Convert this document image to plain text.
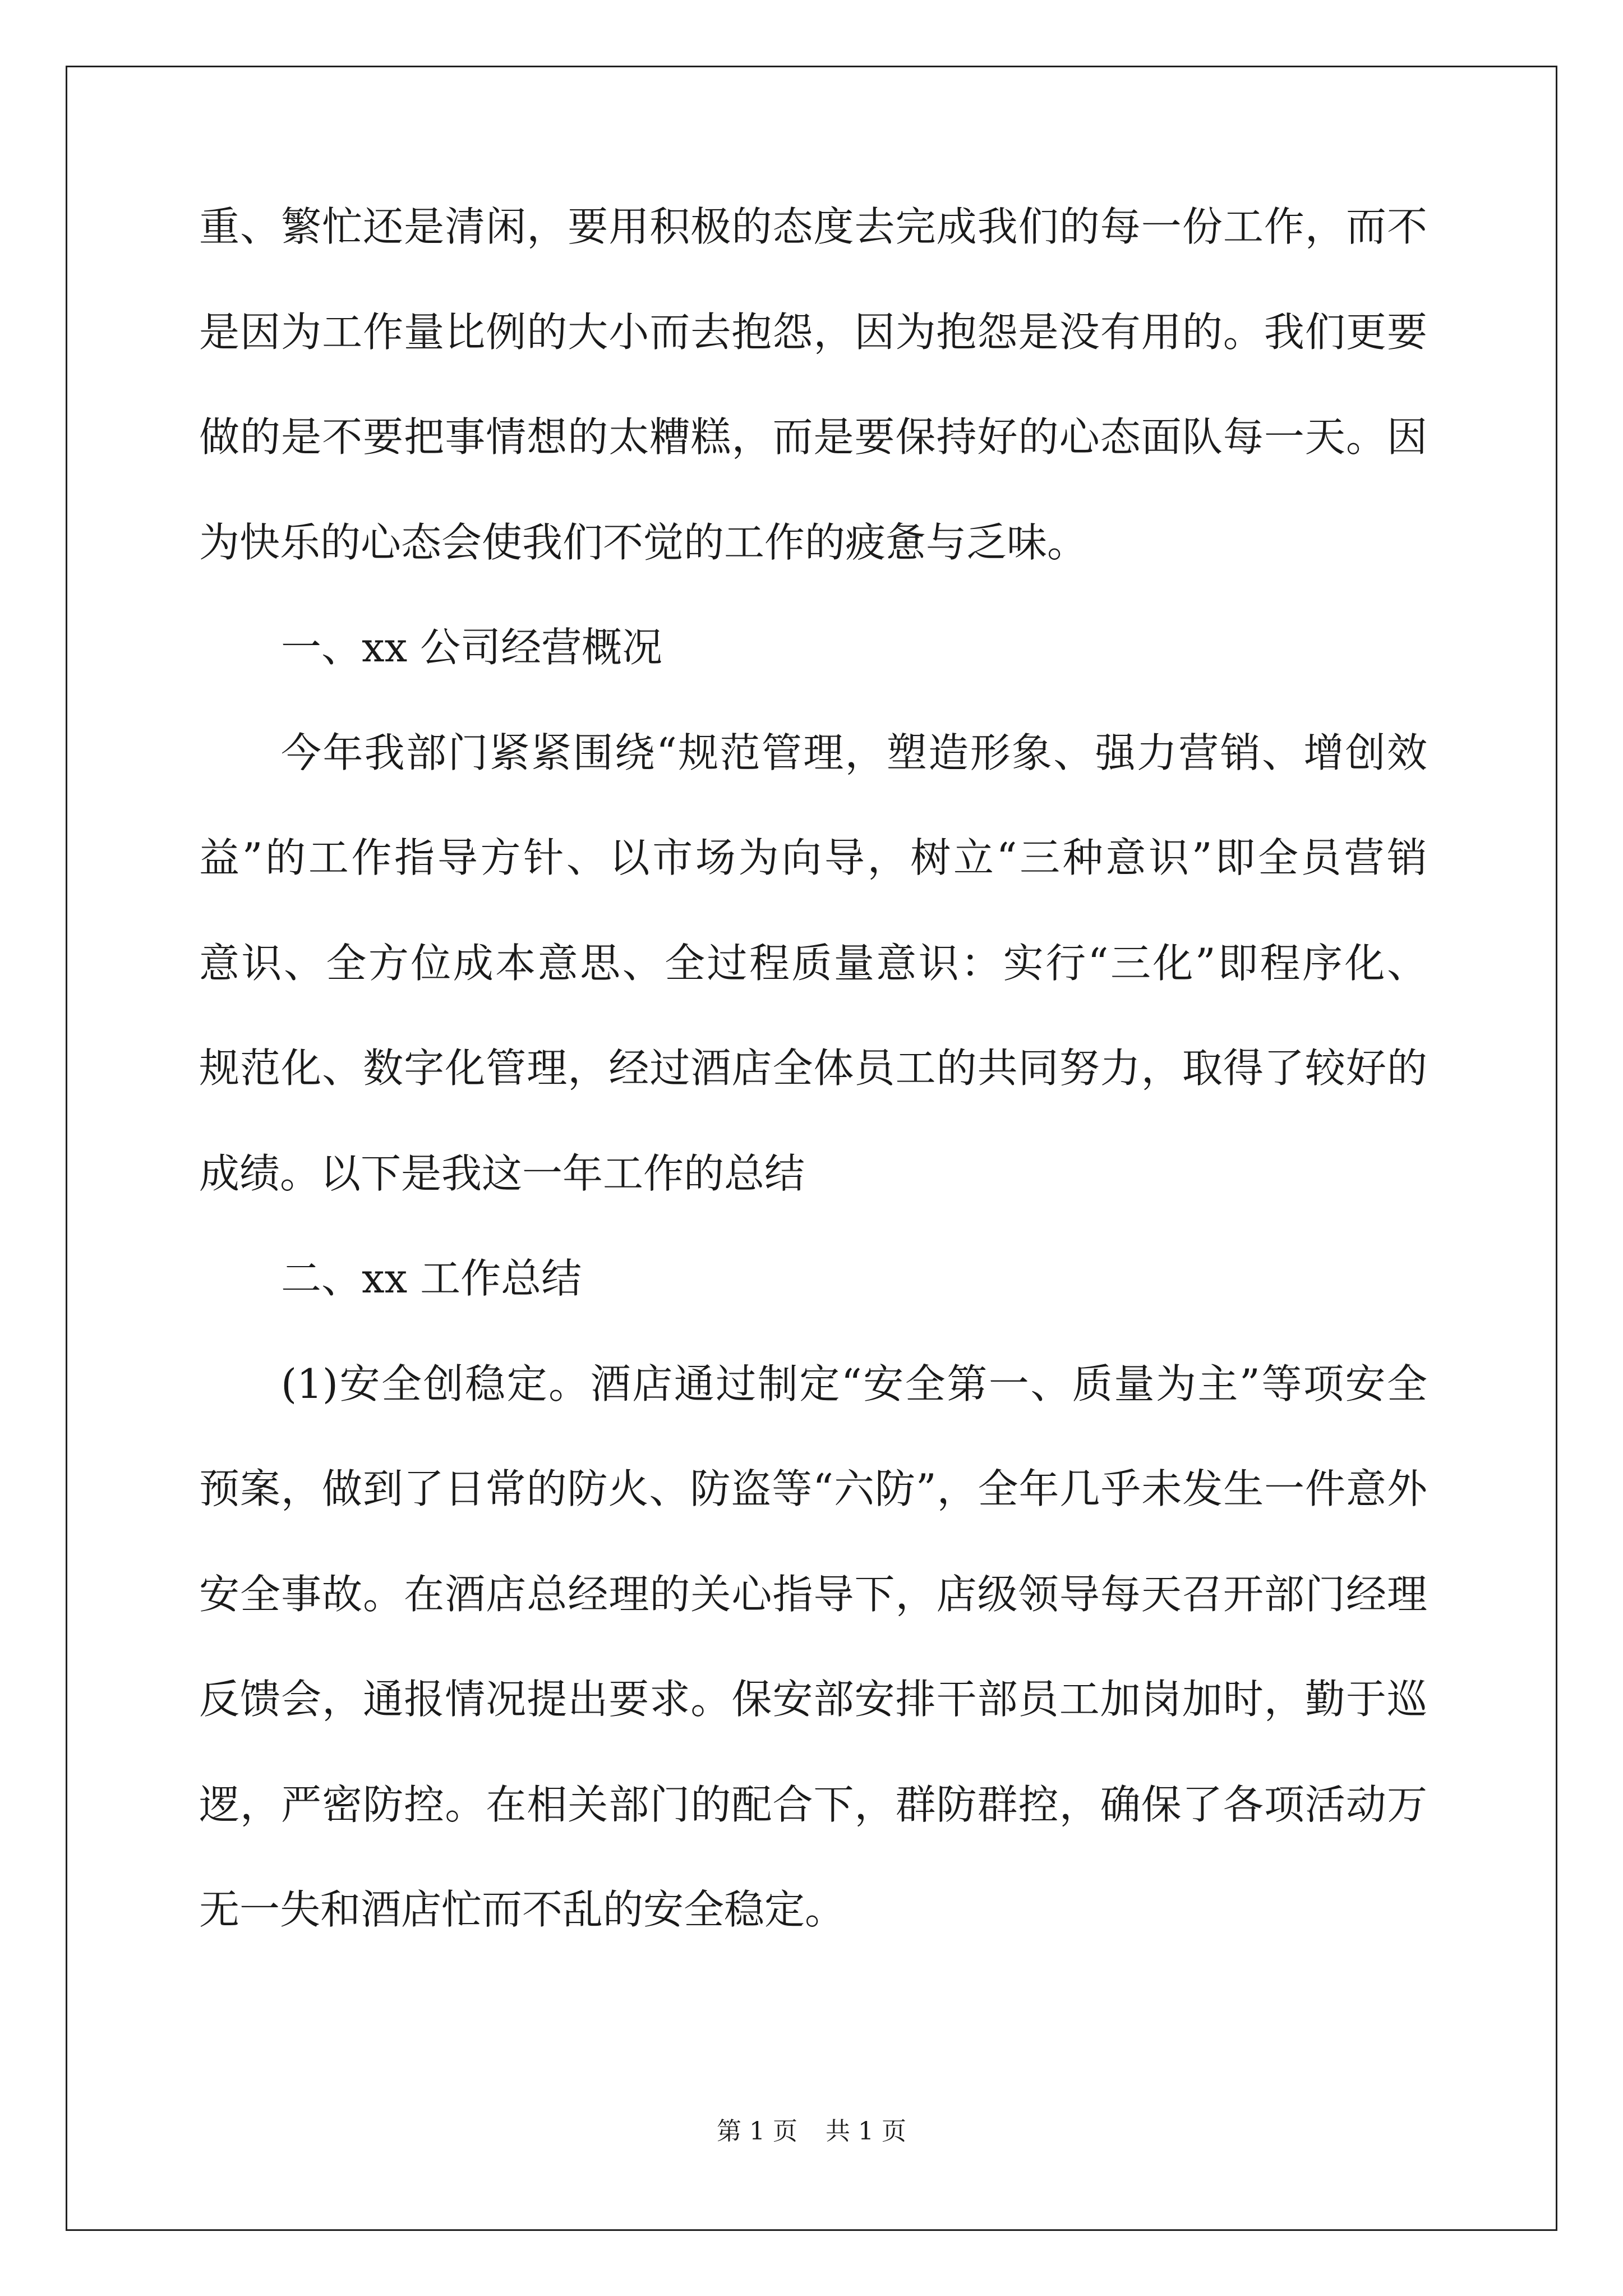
重、繁忙还是清闲，要用积极的态度去完成我们的每一份工作，而不
是因为工作量比例的大小而去抱怨，因为抱怨是没有用的。我们更要
做的是不要把事情想的太糟糕，而是要保持好的心态面队每一天。因
为快乐的心态会使我们不觉的工作的疲惫与乏味。
一、xx 公司经营概况
今年我部门紧紧围绕“规范管理，塑造形象、强力营销、增创效
益”的工作指导方针、以市场为向导，树立“三种意识”即全员营销
意识、全方位成本意思、全过程质量意识：实行“三化”即程序化、
规范化、数字化管理，经过酒店全体员工的共同努力，取得了较好的
成绩。以下是我这一年工作的总结
二、xx 工作总结
(1)安全创稳定。酒店通过制定“安全第一、质量为主”等项安全
预案，做到了日常的防火、防盗等“六防”，全年几乎未发生一件意外
安全事故。在酒店总经理的关心指导下，店级领导每天召开部门经理
反馈会，通报情况提出要求。保安部安排干部员工加岗加时，勤于巡
逻，严密防控。在相关部门的配合下，群防群控，确保了各项活动万
无一失和酒店忙而不乱的安全稳定。
第 1 页 共 1 页
